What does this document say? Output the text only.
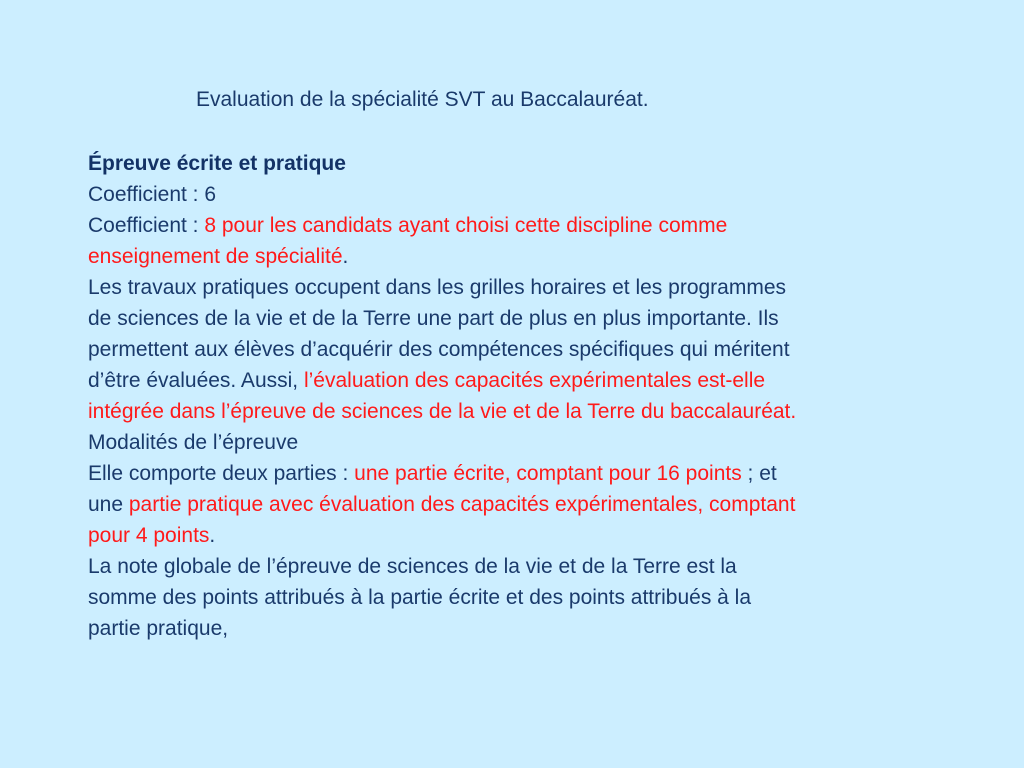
Evaluation de la spécialité SVT au Baccalauréat.
Épreuve écrite et pratique
Coefficient : 6
Coefficient : 8 pour les candidats ayant choisi cette discipline comme
enseignement de spécialité.
Les travaux pratiques occupent dans les grilles horaires et les programmes
de sciences de la vie et de la Terre une part de plus en plus importante. Ils
permettent aux élèves d’acquérir des compétences spécifiques qui méritent
d’être évaluées. Aussi, l’évaluation des capacités expérimentales est-elle
intégrée dans l’épreuve de sciences de la vie et de la Terre du baccalauréat.
Modalités de l’épreuve
Elle comporte deux parties : une partie écrite, comptant pour 16 points ; et
une partie pratique avec évaluation des capacités expérimentales, comptant
pour 4 points.
La note globale de l’épreuve de sciences de la vie et de la Terre est la
somme des points attribués à la partie écrite et des points attribués à la
partie pratique,
